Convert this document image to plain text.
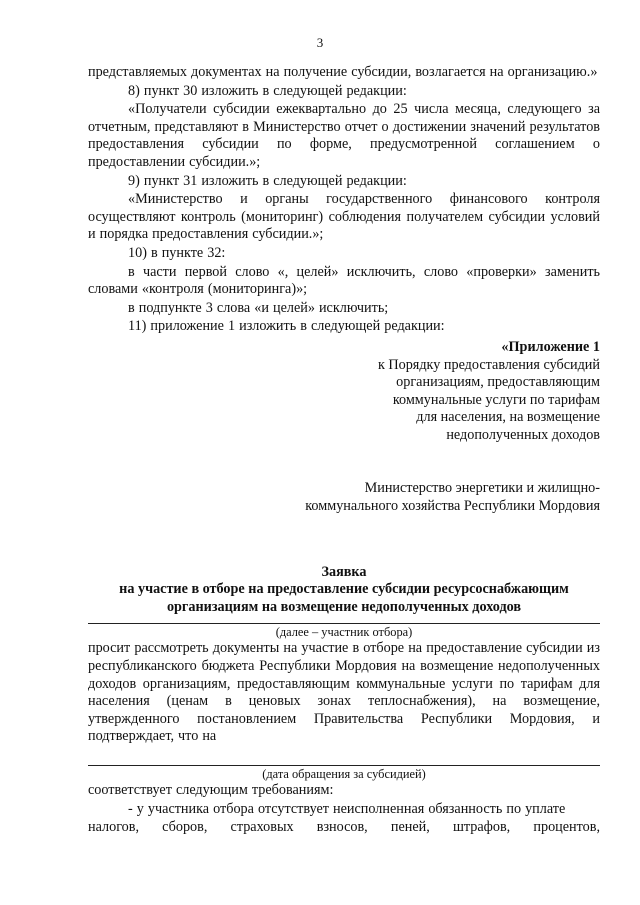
3

представляемых документах на получение субсидии, возлагается на организацию.»

8) пункт 30 изложить в следующей редакции:

«Получатели субсидии ежеквартально до 25 числа месяца, следующего за отчетным, представляют в Министерство отчет о достижении значений результатов предоставления субсидии по форме, предусмотренной соглашением о предоставлении субсидии.»;

9) пункт 31 изложить в следующей редакции:

«Министерство и органы государственного финансового контроля осуществляют контроль (мониторинг) соблюдения получателем субсидии условий и порядка предоставления субсидии.»;

10) в пункте 32:

в части первой слово «, целей» исключить, слово «проверки» заменить словами «контроля (мониторинга)»;

в подпункте 3 слова «и целей» исключить;

11) приложение 1 изложить в следующей редакции:

«Приложение 1
к Порядку предоставления субсидий
организациям, предоставляющим
коммунальные услуги по тарифам
для населения, на возмещение
недополученных доходов
Министерство энергетики и жилищно-
коммунального хозяйства Республики Мордовия
Заявка
на участие в отборе на предоставление субсидии ресурсоснабжающим
организациям на возмещение недополученных доходов
(далее – участник отбора)

просит рассмотреть документы на участие в отборе на предоставление субсидии из республиканского бюджета Республики Мордовия на возмещение недополученных доходов организациям, предоставляющим коммунальные услуги по тарифам для населения (ценам в ценовых зонах теплоснабжения), на возмещение, утвержденного постановлением Правительства Республики Мордовия, и подтверждает, что на

(дата обращения за субсидией)

соответствует следующим требованиям:

- у участника отбора отсутствует неисполненная обязанность по уплате

налогов, сборов, страховых взносов, пеней, штрафов, процентов,
